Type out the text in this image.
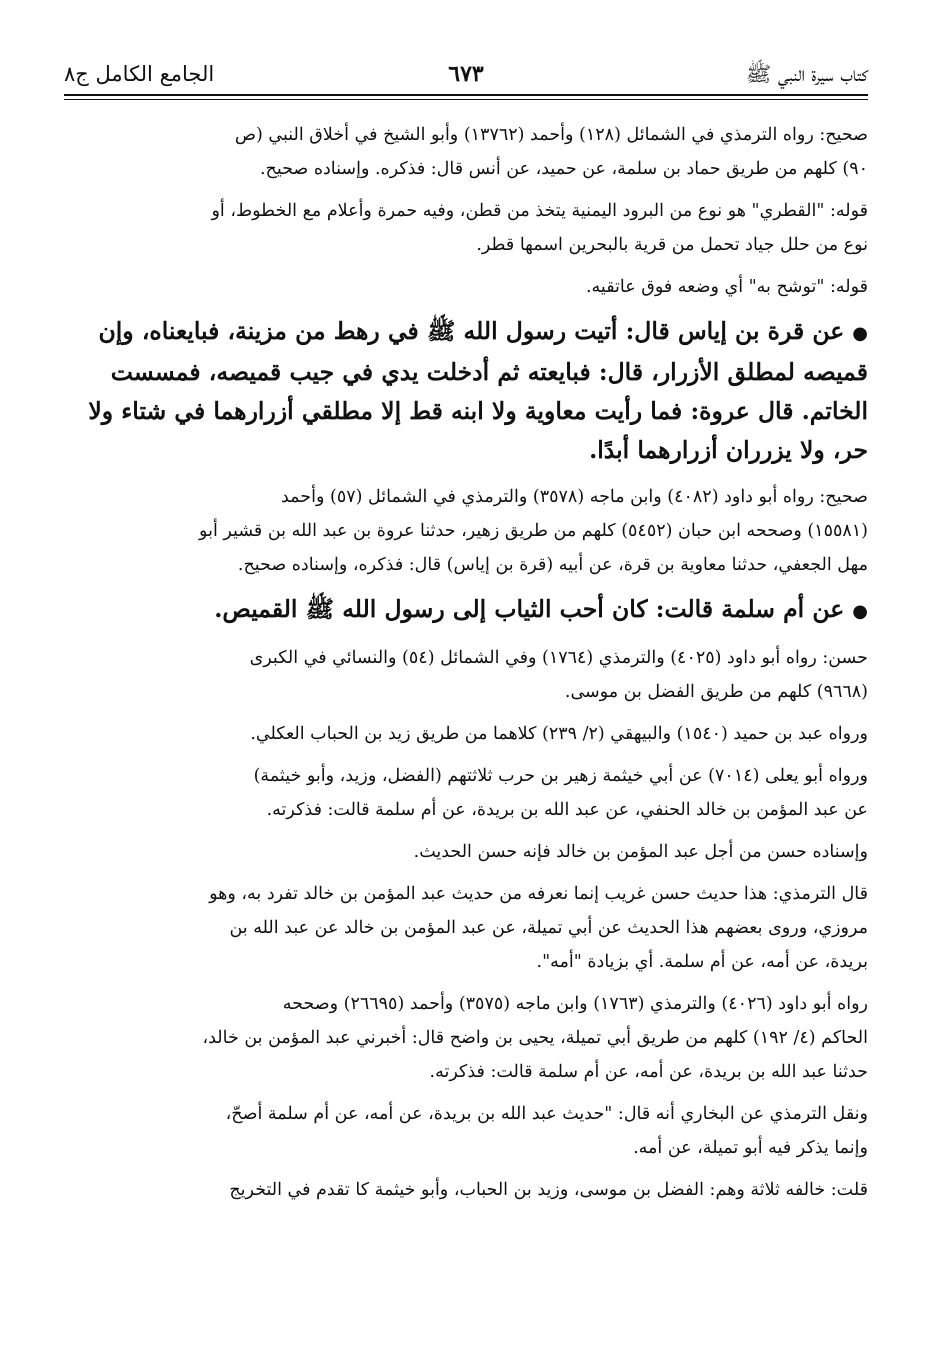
كتاب سيرة النبي ﷺ
٦٧٣
الجامع الكامل ج٨

صحيح: رواه الترمذي في الشمائل (١٢٨) وأحمد (١٣٧٦٢) وأبو الشيخ في أخلاق النبي (ص
٩٠) كلهم من طريق حماد بن سلمة، عن حميد، عن أنس قال: فذكره. وإسناده صحيح.

قوله: "القطري" هو نوع من البرود اليمنية يتخذ من قطن، وفيه حمرة وأعلام مع الخطوط، أو
نوع من حلل جياد تحمل من قرية بالبحرين اسمها قطر.

قوله: "توشح به" أي وضعه فوق عاتقيه.

●عن قرة بن إياس قال: أتيت رسول الله ﷺ في رهط من مزينة، فبايعناه، وإن
قميصه لمطلق الأزرار، قال: فبايعته ثم أدخلت يدي في جيب قميصه، فمسست
الخاتم. قال عروة: فما رأيت معاوية ولا ابنه قط إلا مطلقي أزرارهما في شتاء ولا
حر، ولا يزرران أزرارهما أبدًا.

صحيح: رواه أبو داود (٤٠٨٢) وابن ماجه (٣٥٧٨) والترمذي في الشمائل (٥٧) وأحمد
(١٥٥٨١) وصححه ابن حبان (٥٤٥٢) كلهم من طريق زهير، حدثنا عروة بن عبد الله بن قشير أبو
مهل الجعفي، حدثنا معاوية بن قرة، عن أبيه (قرة بن إياس) قال: فذكره، وإسناده صحيح.

●عن أم سلمة قالت: كان أحب الثياب إلى رسول الله ﷺ القميص.

حسن: رواه أبو داود (٤٠٢٥) والترمذي (١٧٦٤) وفي الشمائل (٥٤) والنسائي في الكبرى
(٩٦٦٨) كلهم من طريق الفضل بن موسى.

ورواه عبد بن حميد (١٥٤٠) والبيهقي (٢/ ٢٣٩) كلاهما من طريق زيد بن الحباب العكلي.

ورواه أبو يعلى (٧٠١٤) عن أبي خيثمة زهير بن حرب ثلاثتهم (الفضل، وزيد، وأبو خيثمة)
عن عبد المؤمن بن خالد الحنفي، عن عبد الله بن بريدة، عن أم سلمة قالت: فذكرته.

وإسناده حسن من أجل عبد المؤمن بن خالد فإنه حسن الحديث.

قال الترمذي: هذا حديث حسن غريب إنما نعرفه من حديث عبد المؤمن بن خالد تفرد به، وهو
مروزي، وروى بعضهم هذا الحديث عن أبي تميلة، عن عبد المؤمن بن خالد عن عبد الله بن
بريدة، عن أمه، عن أم سلمة. أي بزيادة "أمه".

رواه أبو داود (٤٠٢٦) والترمذي (١٧٦٣) وابن ماجه (٣٥٧٥) وأحمد (٢٦٦٩٥) وصححه
الحاكم (٤/ ١٩٢) كلهم من طريق أبي تميلة، يحيى بن واضح قال: أخبرني عبد المؤمن بن خالد،
حدثنا عبد الله بن بريدة، عن أمه، عن أم سلمة قالت: فذكرته.

ونقل الترمذي عن البخاري أنه قال: "حديث عبد الله بن بريدة، عن أمه، عن أم سلمة أصحّ،
وإنما يذكر فيه أبو تميلة، عن أمه.

قلت: خالفه ثلاثة وهم: الفضل بن موسى، وزيد بن الحباب، وأبو خيثمة كا تقدم في التخريج
